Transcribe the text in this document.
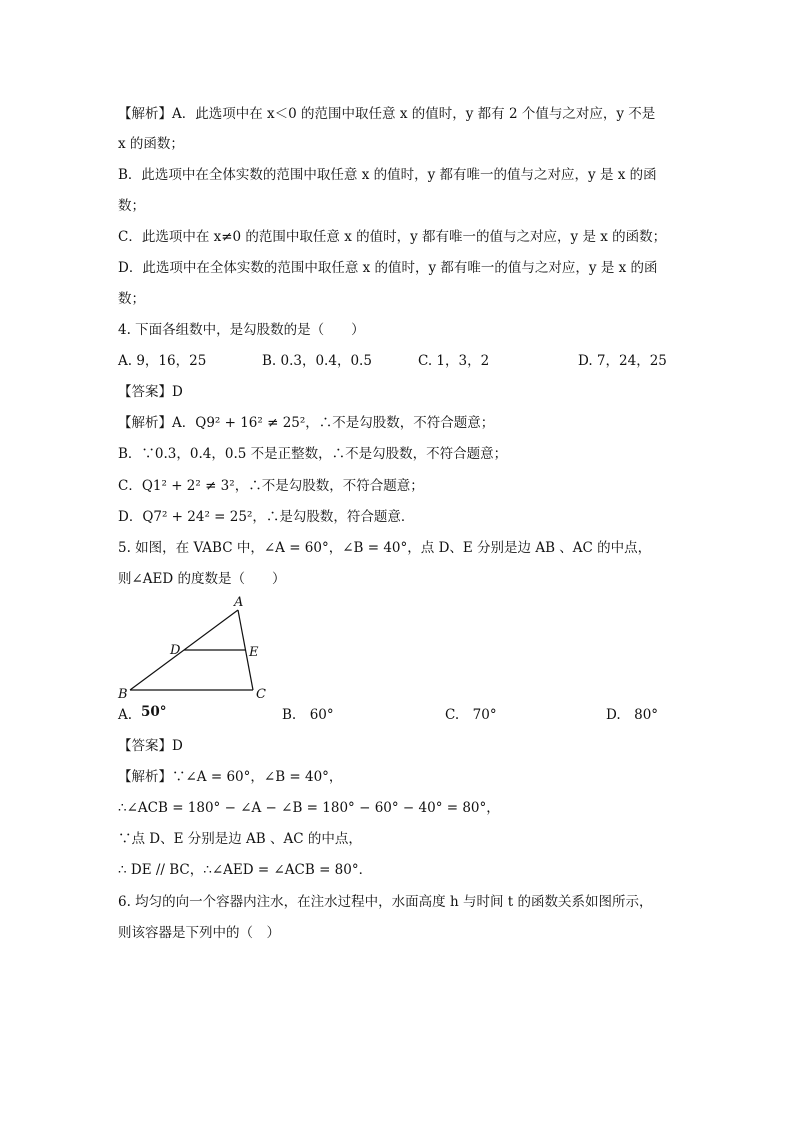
【解析】A．此选项中在 x＜0 的范围中取任意 x 的值时，y 都有 2 个值与之对应，y 不是
x 的函数；
B．此选项中在全体实数的范围中取任意 x 的值时，y 都有唯一的值与之对应，y 是 x 的函
数；
C．此选项中在 x≠0 的范围中取任意 x 的值时，y 都有唯一的值与之对应，y 是 x 的函数；
D．此选项中在全体实数的范围中取任意 x 的值时，y 都有唯一的值与之对应，y 是 x 的函
数；
4. 下面各组数中，是勾股数的是（　　）
A. 9，16，25	B. 0.3，0.4，0.5	C. 1，3，2	D. 7，24，25
【答案】D
【解析】A．Q9² + 16² ≠ 25²，∴不是勾股数，不符合题意；
B．∵0.3，0.4，0.5 不是正整数，∴不是勾股数，不符合题意；
C．Q1² + 2² ≠ 3²，∴不是勾股数，不符合题意；
D．Q7² + 24² = 25²，∴是勾股数，符合题意．
5. 如图，在 VABC 中，∠A = 60°，∠B = 40°，点 D、E 分别是边 AB 、AC 的中点，
则∠AED 的度数是（　　）
A
B	C
D	E
A. 50°	B.　60°	C.　70°	D.　80°
【答案】D
【解析】∵∠A = 60°，∠B = 40°，
∴∠ACB = 180° − ∠A − ∠B = 180° − 60° − 40° = 80°，
∵点 D、E 分别是边 AB 、AC 的中点，
∴ DE // BC，∴∠AED = ∠ACB = 80°．
6. 均匀的向一个容器内注水，在注水过程中，水面高度 h 与时间 t 的函数关系如图所示，
则该容器是下列中的（　）
